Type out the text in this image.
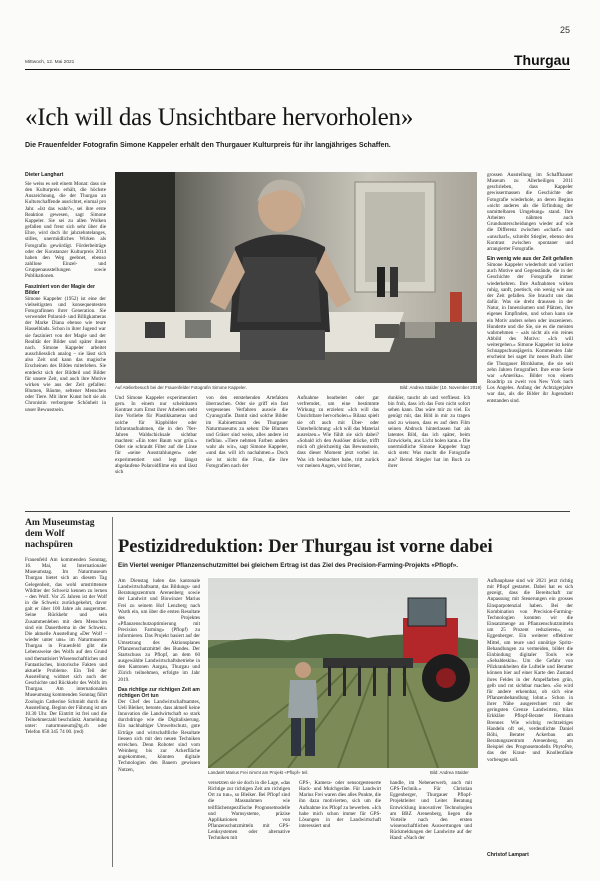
25
Mittwoch, 12. Mai 2021	Thurgau
«Ich will das Unsichtbare hervorholen»
Die Frauenfelder Fotografin Simone Kappeler erhält den Thurgauer Kulturpreis für ihr langjähriges Schaffen.
Dieter Langhart

Sie weiss es seit einem Monat: dass sie den Kulturpreis erhält, die höchste Auszeichnung, die der Thurgau an Kulturschaffende ausrichtet, einmal pro Jahr. «Ist das wahr?», sei ihre erste Reaktion gewesen, sagt Simone Kappeler. Sie sei zu allen Wolken gefallen und freut sich sehr über die Ehre, wird doch ihr jahrzehntelanges, stilles, unermüdliches Wirken als Fotografin gewürdigt. Förderbeiträge oder der Konstanzer Kulturpreis 2014 haben den Weg geebnet, ebenso zahllose Einzel- und Gruppenausstellungen sowie Publikationen.

Fasziniert von der Magie der Bilder

Simone Kappeler (1952) ist eine der vielseitigsten und konsequentesten Fotografinnen ihrer Generation. Sie verwendet Polaroid- und Billigkameras der Marke Diana ebenso wie teure Hasselblads. Schon in ihrer Jugend war sie fasziniert von der Magie und der Realität der Bilder und später ihnen nach. Simone Kappeler arbeitet ausschliesslich analog – sie lässt sich also Zeit und kann das magische Erscheinen des Bildes miterleben. Sie entdeckt sich der Bildteil und Bilder für unsere Zeit, und auch ihre Motive wirken wie aus der Zeit gefallen: Blumen, Bäume, seltener Menschen oder Tiere. Mit ihrer Kunst holt sie als Chronistin verborgene Schönheit in unser Bewusstsein.

Auf Atelierbesuch bei der Frauenfelder Fotografin Simone Kappeler.	Bild: Andrea Stalder (10. November 2019)

Und Simone Kappeler experimentiert gern. In einem nur scheinbaren Kontrast zum Ernst ihrer Arbeiten steht ihre Vorliebe für Plastikkameras und solche für Kippbilder oder Infrarotaufnahmen, die in den 70er-Jahren Waldschicksale sichtbar machten: «Ein toter Baum war grün.» Oder sie schraubt Filter auf die Linse für «seine Ausstrahlungen» oder experimentiert und legt längst abgelaufene Polaroidfilme ein und lässt sich

von den entstehenden Artefakten überraschen. Oder sie griff ein fast vergessenes Verfahren auswie die Cyanografie. Damit sind solche Bilder im Kabinettraum des Thurgauer Naturmuseums zu sehen: Die Blumen und Gräser sind weiss, alles andere ist tiefblau. «Tiere nehmen Farben anders wahr als wir», sagt Simone Kappeler, «und das will ich nachahmen.» Doch sie ist nicht die Frau, die ihre Fotografien nach der

Aufnahme bearbeitet oder gar verfremdet, um eine bestimmte Wirkung zu erzielen: «Ich will das Unsichtbare hervorholen.» Bilanz spielt sie oft auch mit Über- oder Unterbelichtung: «Ich will das Material ausreizen.» Wie fühlt sie sich dabei? «Sobald ich den Auslöser drücke, trifft mich oft gleichzeitig das Bewusstsein, dass dieser Moment jetzt vorbei ist. Was ich beobachtet habe, tritt zurück vor meinen Augen, wird ferner,

dunkler, taucht ab und verfliesst. Ich bin froh, dass ich das Foto nicht sofort sehen kann. Das wäre mir zu viel. Es genügt mir, das Bild in mir zu tragen und zu wissen, dass es auf dem Film seinen Abdruck hinterlassen hat als latentes Bild, das ich später, beim Entwickeln, ans Licht holen kann.» Die unermüdliche Simone Kappeler fragt sich stets: Was macht die Fotografie aus? Bernd Stiegler hat im Buch zu ihrer

grossen Ausstellung im Schaffhauser Museum zu Allerheiligen 2011 geschrieben, dass Kappeler gewissermassen die Geschichte der Fotografie wiederhole, an deren Beginn «nicht anderes als die Erfindung der unmittelbaren Umgebung» stand. Ihre Arbeiten nähmen auch Grundunterscheidungen wieder auf wie die Differenz zwischen «scharf» und «unscharf», schreibt Stiegler, ebenso den Kontrast zwischen spontaner und arrangierter Fotografie.

Ein wenig wie aus der Zeit gefallen

Simone Kappeler wiederholt und variiert auch Motive und Gegenstände, die in der Geschichte der Fotografie immer wiederkehren. Ihre Aufnahmen wirken ruhig, sanft, poetisch, ein wenig wie aus der Zeit gefallen. Sie braucht uns das dafür. Was sie dreht draussen in der Natur, in Innenräumen und Plätzen, ihre eigenes Empfinden, und schon kann sie ein Motiv anders sehen oder inszenieren. Hunderte und die Sie, sie es die meisten wahrnehmen – «als nicht als ein reines Abbild des Motivs: «Ich will weitergeben.» Simone Kappeler ist keine Schnappschussjägerin. Kommenden Jahr erscheint bei saget ihr neues Buch über die Thurgauer Birnbäume, die sie seit zehn Jahren fotografiert. Ihre erste Serie war «Amerika». Bilder von einem Roadtrip zu zweit von New York nach Los Angeles. Anfang der Achtzigerjahre war das, als die Bilder ihr Jugendzeit entstanden sind.

Am Museumstag dem Wolf nachspüren

Frauenfeld Am kommenden Sonntag, 16. Mai, ist Internationaler Museumstag. Im Naturmuseum Thurgau bietet sich an diesem Tag Gelegenheit, das wohl umstrittenste Wildtier der Schweiz kennen zu lernen – den Wolf. Vor 25 Jahren ist der Wolf in die Schweiz zurückgekehrt, davor galt er über 100 Jahre als ausgerottet. Seine Rückkehr und sein Zusammenleben mit dem Menschen sind ein Dauerthema in der Schweiz. Die aktuelle Ausstellung «Der Wolf – wieder unter uns» im Naturmuseum Thurgau in Frauenfeld gibt die Lebensweise des Wolfs auf den Grund und thematisiert Wissenschaftliches und Fantastisches, historische Fakten und aktuelle Probleme. Ein Teil der Ausstellung widmet sich auch der Geschichte und Rückkehr des Wolfs im Thurgau. Am internationalen Museumstag kommenden Sonntag führt Zoologin Catherine Schmidt durch die Ausstellung. Beginn der Führung ist um 10.30 Uhr. Der Eintritt ist frei und die Teilnehmerzahl beschränkt. Anmeldung unter: naturmuseum@tg.ch oder Telefon 058 345 74 00. (red)

Pestizidreduktion: Der Thurgau ist vorne dabei
Ein Viertel weniger Pflanzenschutzmittel bei gleichem Ertrag ist das Ziel des Precision-Farming-Projekts «Pflopf».

Am Dienstag luden das kantonale Landwirtschaftsamt, das Bildungs- und Beratungszentrum Arenenberg sowie der Landwirt und Biowinzer Marius Frei zu seinem Hof Lenzberg nach Warth ein, um über die ersten Resultate des Projektes «Pflanzenschutzoptimierung mit Precision Farming» (Pflopf) zu informieren. Das Projekt basiert auf der Umsetzung des Aktionsplanes Pflanzenschutzmittel des Bundes. Der Startschuss zu Pflopf, an dem 60 ausgewählte Landwirtschaftsbetriebe in den Kantonen Aargau, Thurgau und Zürich teilnehmen, erfolgte im Jahr 2019.

Das richtige zur richtigen Zeit am richtigen Ort tun

Der Chef des Landwirtschaftsamtes, Ueli Bleiker, betonte, dass aktuell keine Innovation die Landwirtschaft so stark durchdringe wie die Digitalisierung. Ein nachhaltiger Umweltschutz, gute Erträge und wirtschaftliche Resultate liessen sich mit den neuen Techniken erreichen. Denn Roboter sind vom Weinberg bis zur Ackerfläche angekommen, könnten digitale Technologien den Bauern gewissen Nutzen,	Landwirt Marius Frei nimmt am Projekt «Pflopf» teil.	Bild: Andrea Stalder

versetzten sie sie doch in die Lage, «das Richtige zur richtigen Zeit am richtigen Ort zu tun», so Bleiker. Bei Pflopf sind die Massnahmen wie teilflächenspezifische Prognosemodelle und Warnsysteme, präzise Applikationen von Pflanzenschutzmitteln mit GPS-Lenksystemen oder alternative Techniken mit

GPS-, Kamera- oder sensorgesteuerte Hack- und Mulchgeräte. Für Landwirt Marius Frei waren dies alles Punkte, die ihn dazu motivierten, sich um die Aufnahme ins Pflopf zu bewerben. «Ich habe mich schon immer für GPS-Lösungen in der Landwirtschaft interessiert und

handle, im Nebenerwerb, auch mit GPS-Technik.» Für Christian Eggenberger, Thurgauer Pflopf-Projektleiter und Leiter Beratung Entwicklung innovativer Technologien am BBZ Arenenberg, liegen die Vorteile nach den ersten wissenschaftlichen Auswertungen und Rückmeldungen der Landwirte auf der Hand: «Nach der

Aufbauphase sind wir 2021 jetzt richtig mit Pflopf gestartet. Dabei hat es sich gezeigt, dass die Bereitschaft zur Anpassung mit Steuerungen ein grosses Einsparpotenzial haben. Bei der Kombination von Precision-Farming-Technologien konnten wir die Einsatzmenge an Pflanzenschutzmitteln um 25 Prozent reduzieren», so Eggenberger. Ein weiterer effektiver Mittel, um teure und unnötige Spritz-Behandlungen zu vermeiden, bildet die Einbindung digitaler Tools wie «Sebaldeskin». Um die Gefahr von Pilzkrankheiten die Lufteile und Beratter können hier auf einer Karte den Zustand ihres Feldes in der Ampelfarben grün, gelb und rot sichtbar machen. «So wird für andere erkennbar, ob sich eine Pflanzenbehandlung lohnt.» Schon in ihrer Nähe ausgerechnet mit der geringsten Grenze Landwirten, bilan Erkkläre Pflopf-Berater Hermann Brenner. Wie wichtig rechtzeitiges Handeln oft sei, verdeutlichte Daniel Böhi, Berater Ackerbau am Beratungszentrum Arenenberg, am Beispiel des Prognosemodells PhytoPre, das der Kraut- und Knollenfäule vorbeugen soll.

Christof Lampart
